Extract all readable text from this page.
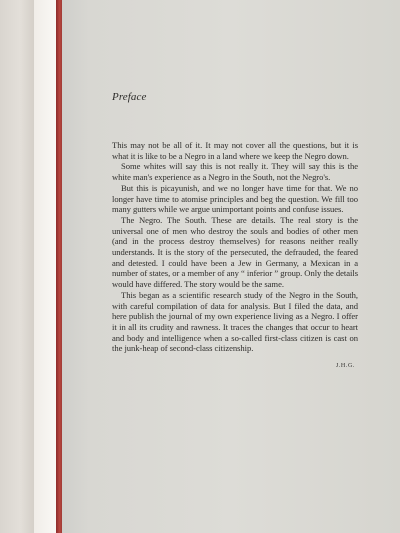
Preface

This may not be all of it. It may not cover all the questions, but it is what it is like to be a Negro in a land where we keep the Negro down.

Some whites will say this is not really it. They will say this is the white man's experience as a Negro in the South, not the Negro's.

But this is picayunish, and we no longer have time for that. We no longer have time to atomise principles and beg the question. We fill too many gutters while we argue unimportant points and confuse issues.

The Negro. The South. These are details. The real story is the universal one of men who destroy the souls and bodies of other men (and in the process destroy themselves) for reasons neither really understands. It is the story of the persecuted, the defrauded, the feared and detested. I could have been a Jew in Germany, a Mexican in a number of states, or a member of any “ inferior ” group. Only the details would have differed. The story would be the same.

This began as a scientific research study of the Negro in the South, with careful compilation of data for analysis. But I filed the data, and here publish the journal of my own experience living as a Negro. I offer it in all its crudity and rawness. It traces the changes that occur to heart and body and intelligence when a so-called first-class citizen is cast on the junk-heap of second-class citizenship.

J.H.G.
